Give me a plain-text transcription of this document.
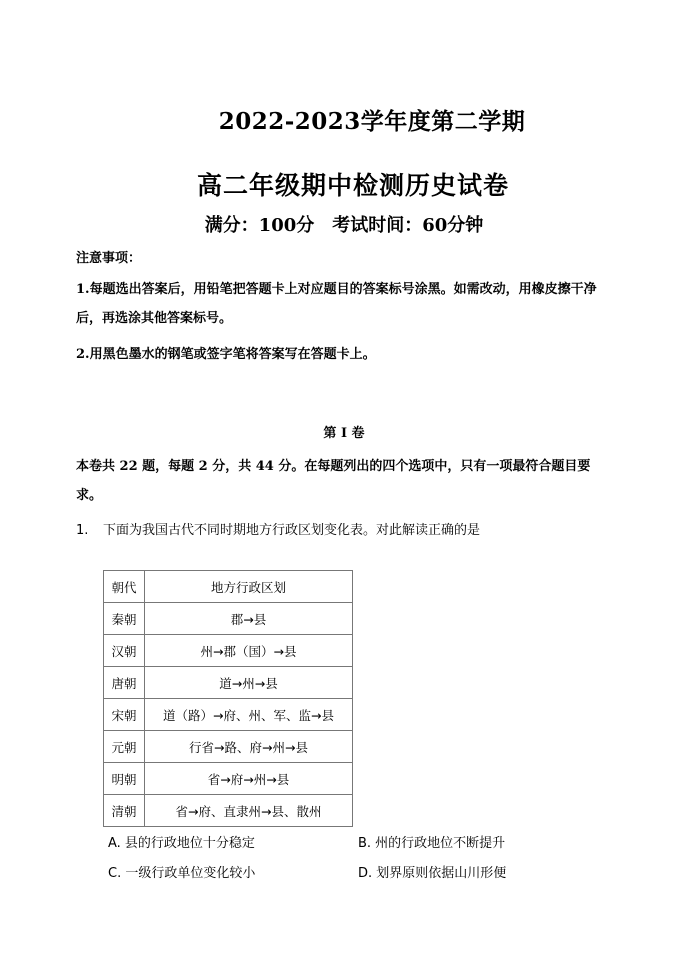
2022-2023学年度第二学期
高二年级期中检测历史试卷
满分：100分　考试时间：60分钟
注意事项：
1.每题选出答案后，用铅笔把答题卡上对应题目的答案标号涂黑。如需改动，用橡皮擦干净后，再选涂其他答案标号。
2.用黑色墨水的钢笔或签字笔将答案写在答题卡上。
第 I 卷
本卷共 22 题，每题 2 分，共 44 分。在每题列出的四个选项中，只有一项最符合题目要求。
1. 下面为我国古代不同时期地方行政区划变化表。对此解读正确的是
朝代	地方行政区划
秦朝	郡→县
汉朝	州→郡（国）→县
唐朝	道→州→县
宋朝	道（路）→府、州、军、监→县
元朝	行省→路、府→州→县
明朝	省→府→州→县
清朝	省→府、直隶州→县、散州
A. 县的行政地位十分稳定	B. 州的行政地位不断提升
C. 一级行政单位变化较小	D. 划界原则依据山川形便
